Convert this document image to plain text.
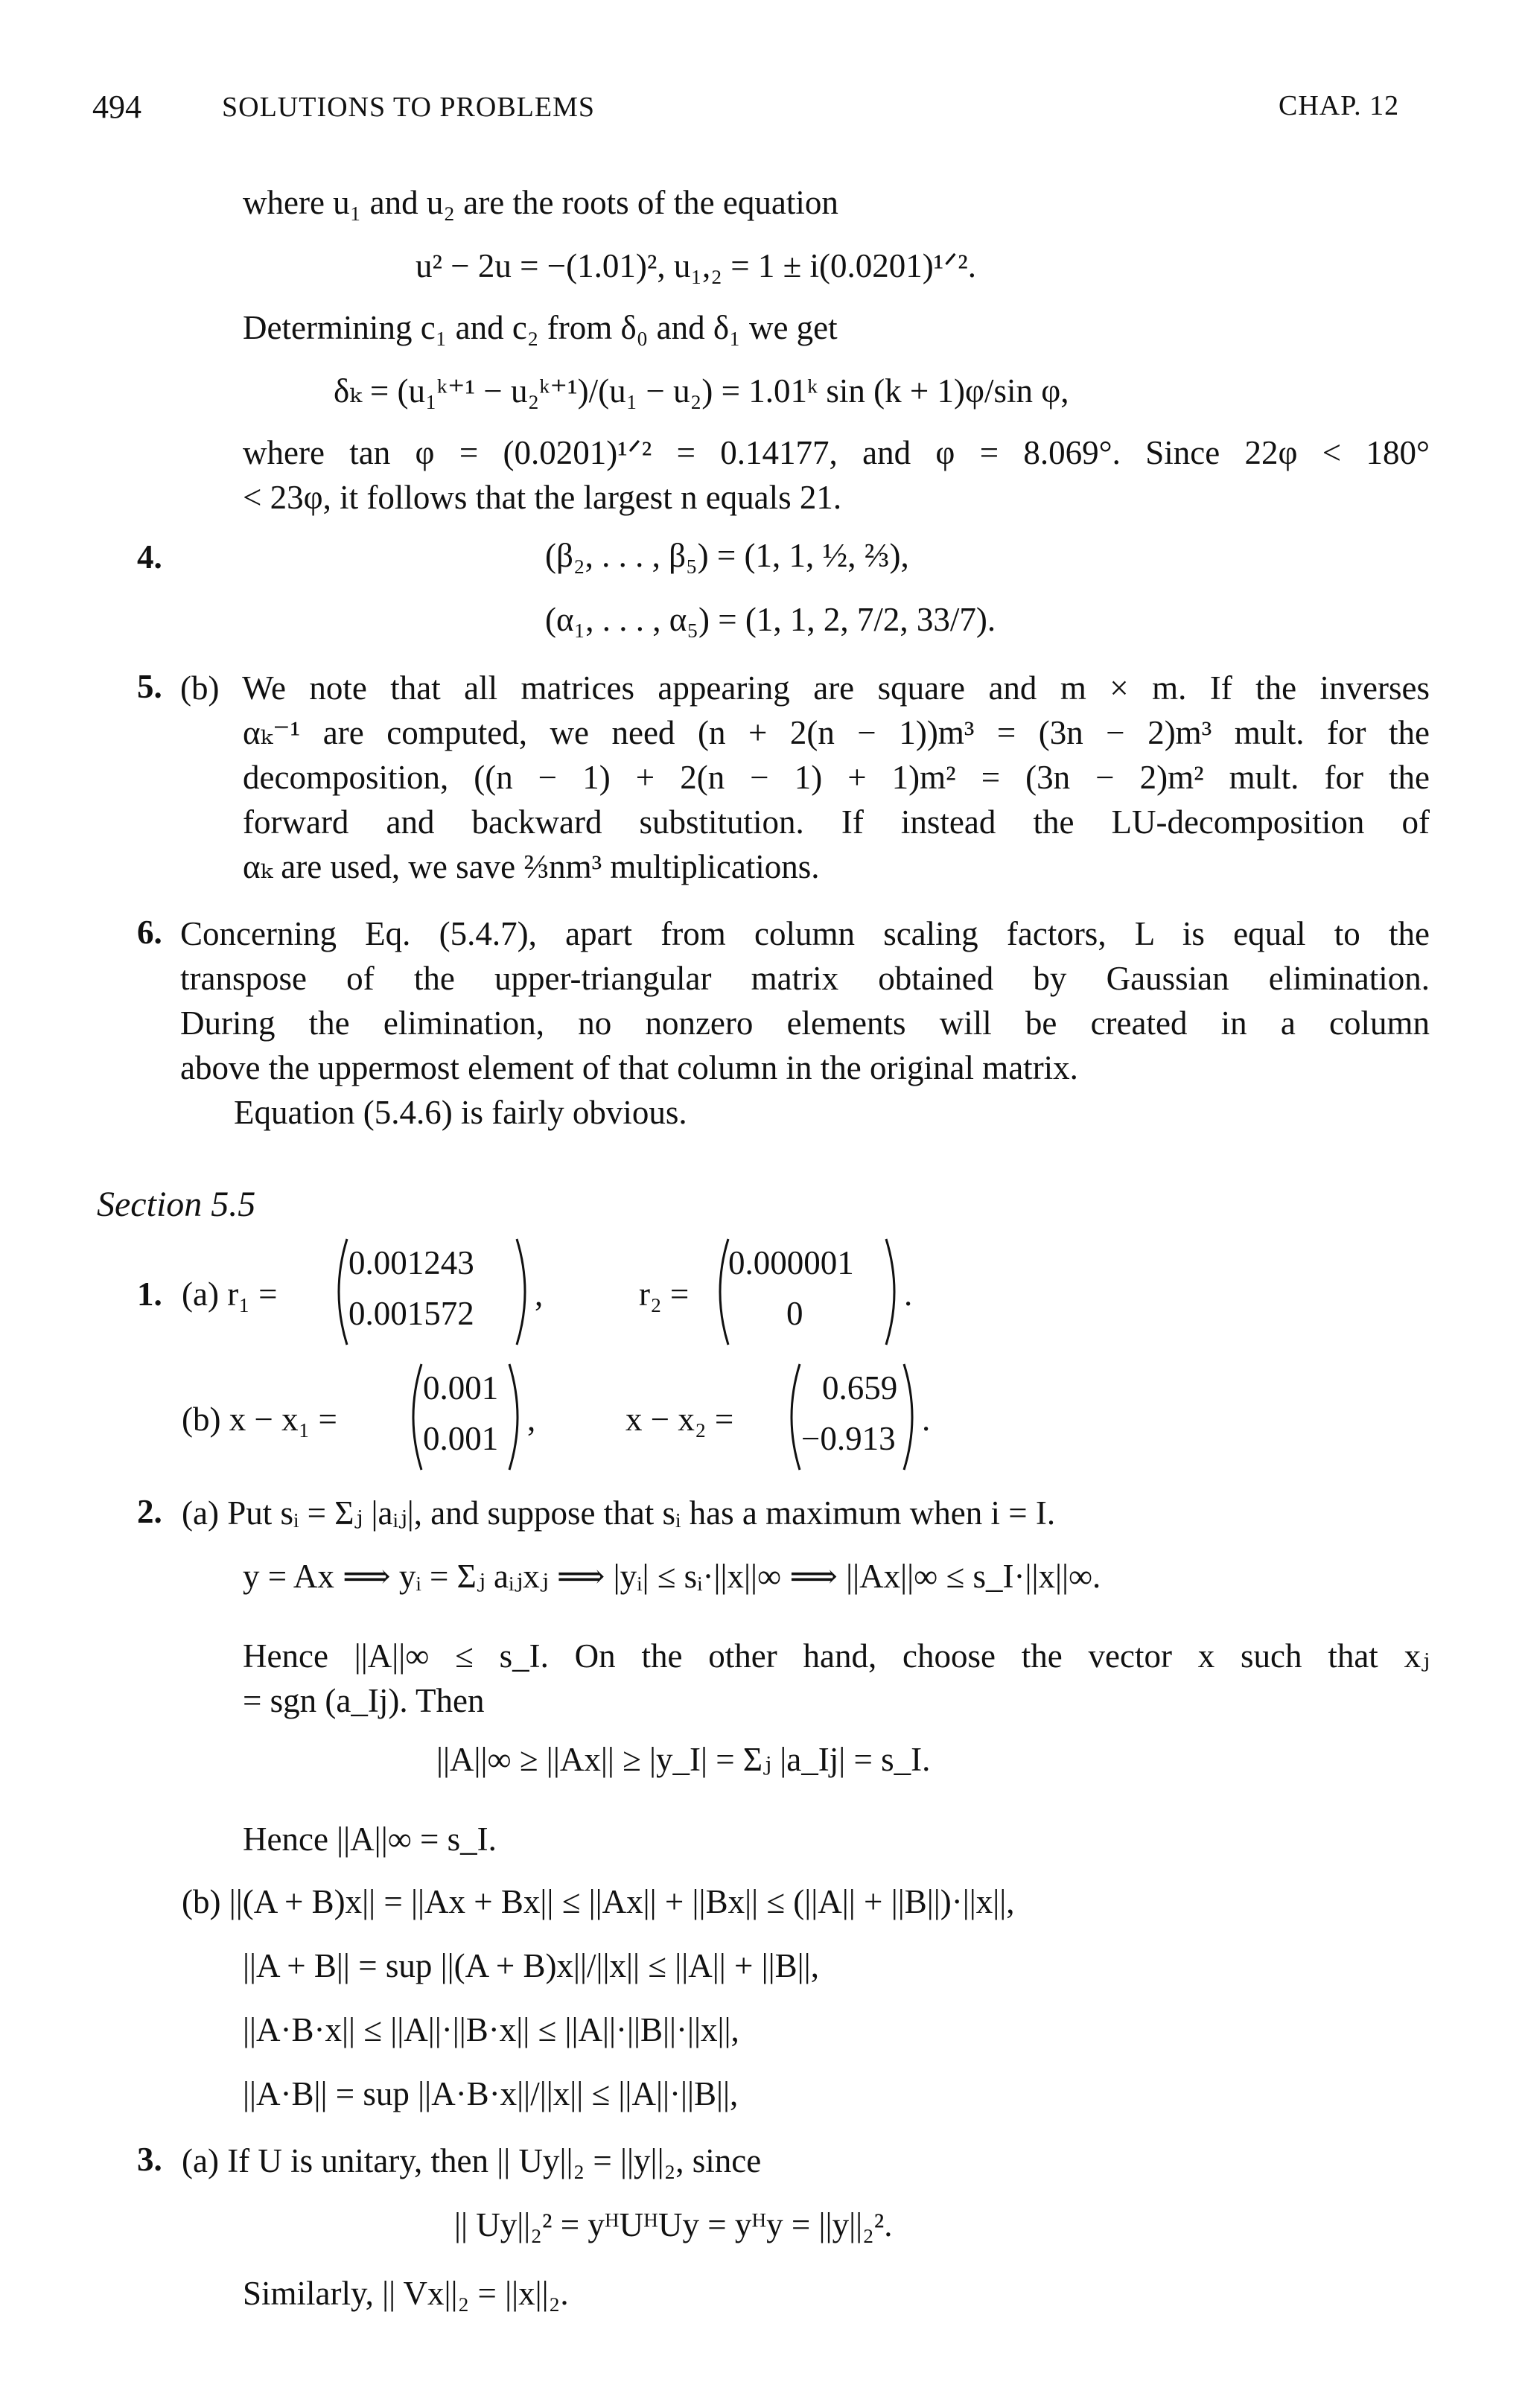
494	SOLUTIONS TO PROBLEMS	CHAP. 12
where u₁ and u₂ are the roots of the equation
u² − 2u = −(1.01)², u₁,₂ = 1 ± i(0.0201)¹ᐟ².
Determining c₁ and c₂ from δ₀ and δ₁ we get
δₖ = (u₁ᵏ⁺¹ − u₂ᵏ⁺¹)/(u₁ − u₂) = 1.01ᵏ sin (k + 1)φ/sin φ,
where tan φ = (0.0201)¹ᐟ² = 0.14177, and φ = 8.069°. Since 22φ < 180°
< 23φ, it follows that the largest n equals 21.
4.	(β₂, . . . , β₅) = (1, 1, ½, ⅔),
(α₁, . . . , α₅) = (1, 1, 2, 7/2, 33/7).
5. (b) We note that all matrices appearing are square and m × m. If the inverses
αₖ⁻¹ are computed, we need (n + 2(n − 1))m³ = (3n − 2)m³ mult. for the
decomposition, ((n − 1) + 2(n − 1) + 1)m² = (3n − 2)m² mult. for the
forward and backward substitution. If instead the LU-decomposition of
αₖ are used, we save ⅔nm³ multiplications.
6. Concerning Eq. (5.4.7), apart from column scaling factors, L is equal to the
transpose of the upper-triangular matrix obtained by Gaussian elimination.
During the elimination, no nonzero elements will be created in a column
above the uppermost element of that column in the original matrix.
Equation (5.4.6) is fairly obvious.
Section 5.5
1. (a) r₁ =
0.001243
0.001572
,	r₂ =
0.000001
0
.
(b) x − x₁ =
0.001
0.001
,	x − x₂ =
0.659
−0.913
.
2. (a) Put sᵢ = Σⱼ |aᵢⱼ|, and suppose that sᵢ has a maximum when i = I.
y = Ax ⟹ yᵢ = Σⱼ aᵢⱼxⱼ ⟹ |yᵢ| ≤ sᵢ·||x||∞ ⟹ ||Ax||∞ ≤ s_I·||x||∞.
Hence ||A||∞ ≤ s_I. On the other hand, choose the vector x such that xⱼ
= sgn (a_Ij). Then
||A||∞ ≥ ||Ax|| ≥ |y_I| = Σⱼ |a_Ij| = s_I.
Hence ||A||∞ = s_I.
(b) ||(A + B)x|| = ||Ax + Bx|| ≤ ||Ax|| + ||Bx|| ≤ (||A|| + ||B||)·||x||,
||A + B|| = sup ||(A + B)x||/||x|| ≤ ||A|| + ||B||,
||A·B·x|| ≤ ||A||·||B·x|| ≤ ||A||·||B||·||x||,
||A·B|| = sup ||A·B·x||/||x|| ≤ ||A||·||B||,
3. (a) If U is unitary, then || Uy||₂ = ||y||₂, since
|| Uy||₂² = yᴴUᴴUy = yᴴy = ||y||₂².
Similarly, || Vx||₂ = ||x||₂.
